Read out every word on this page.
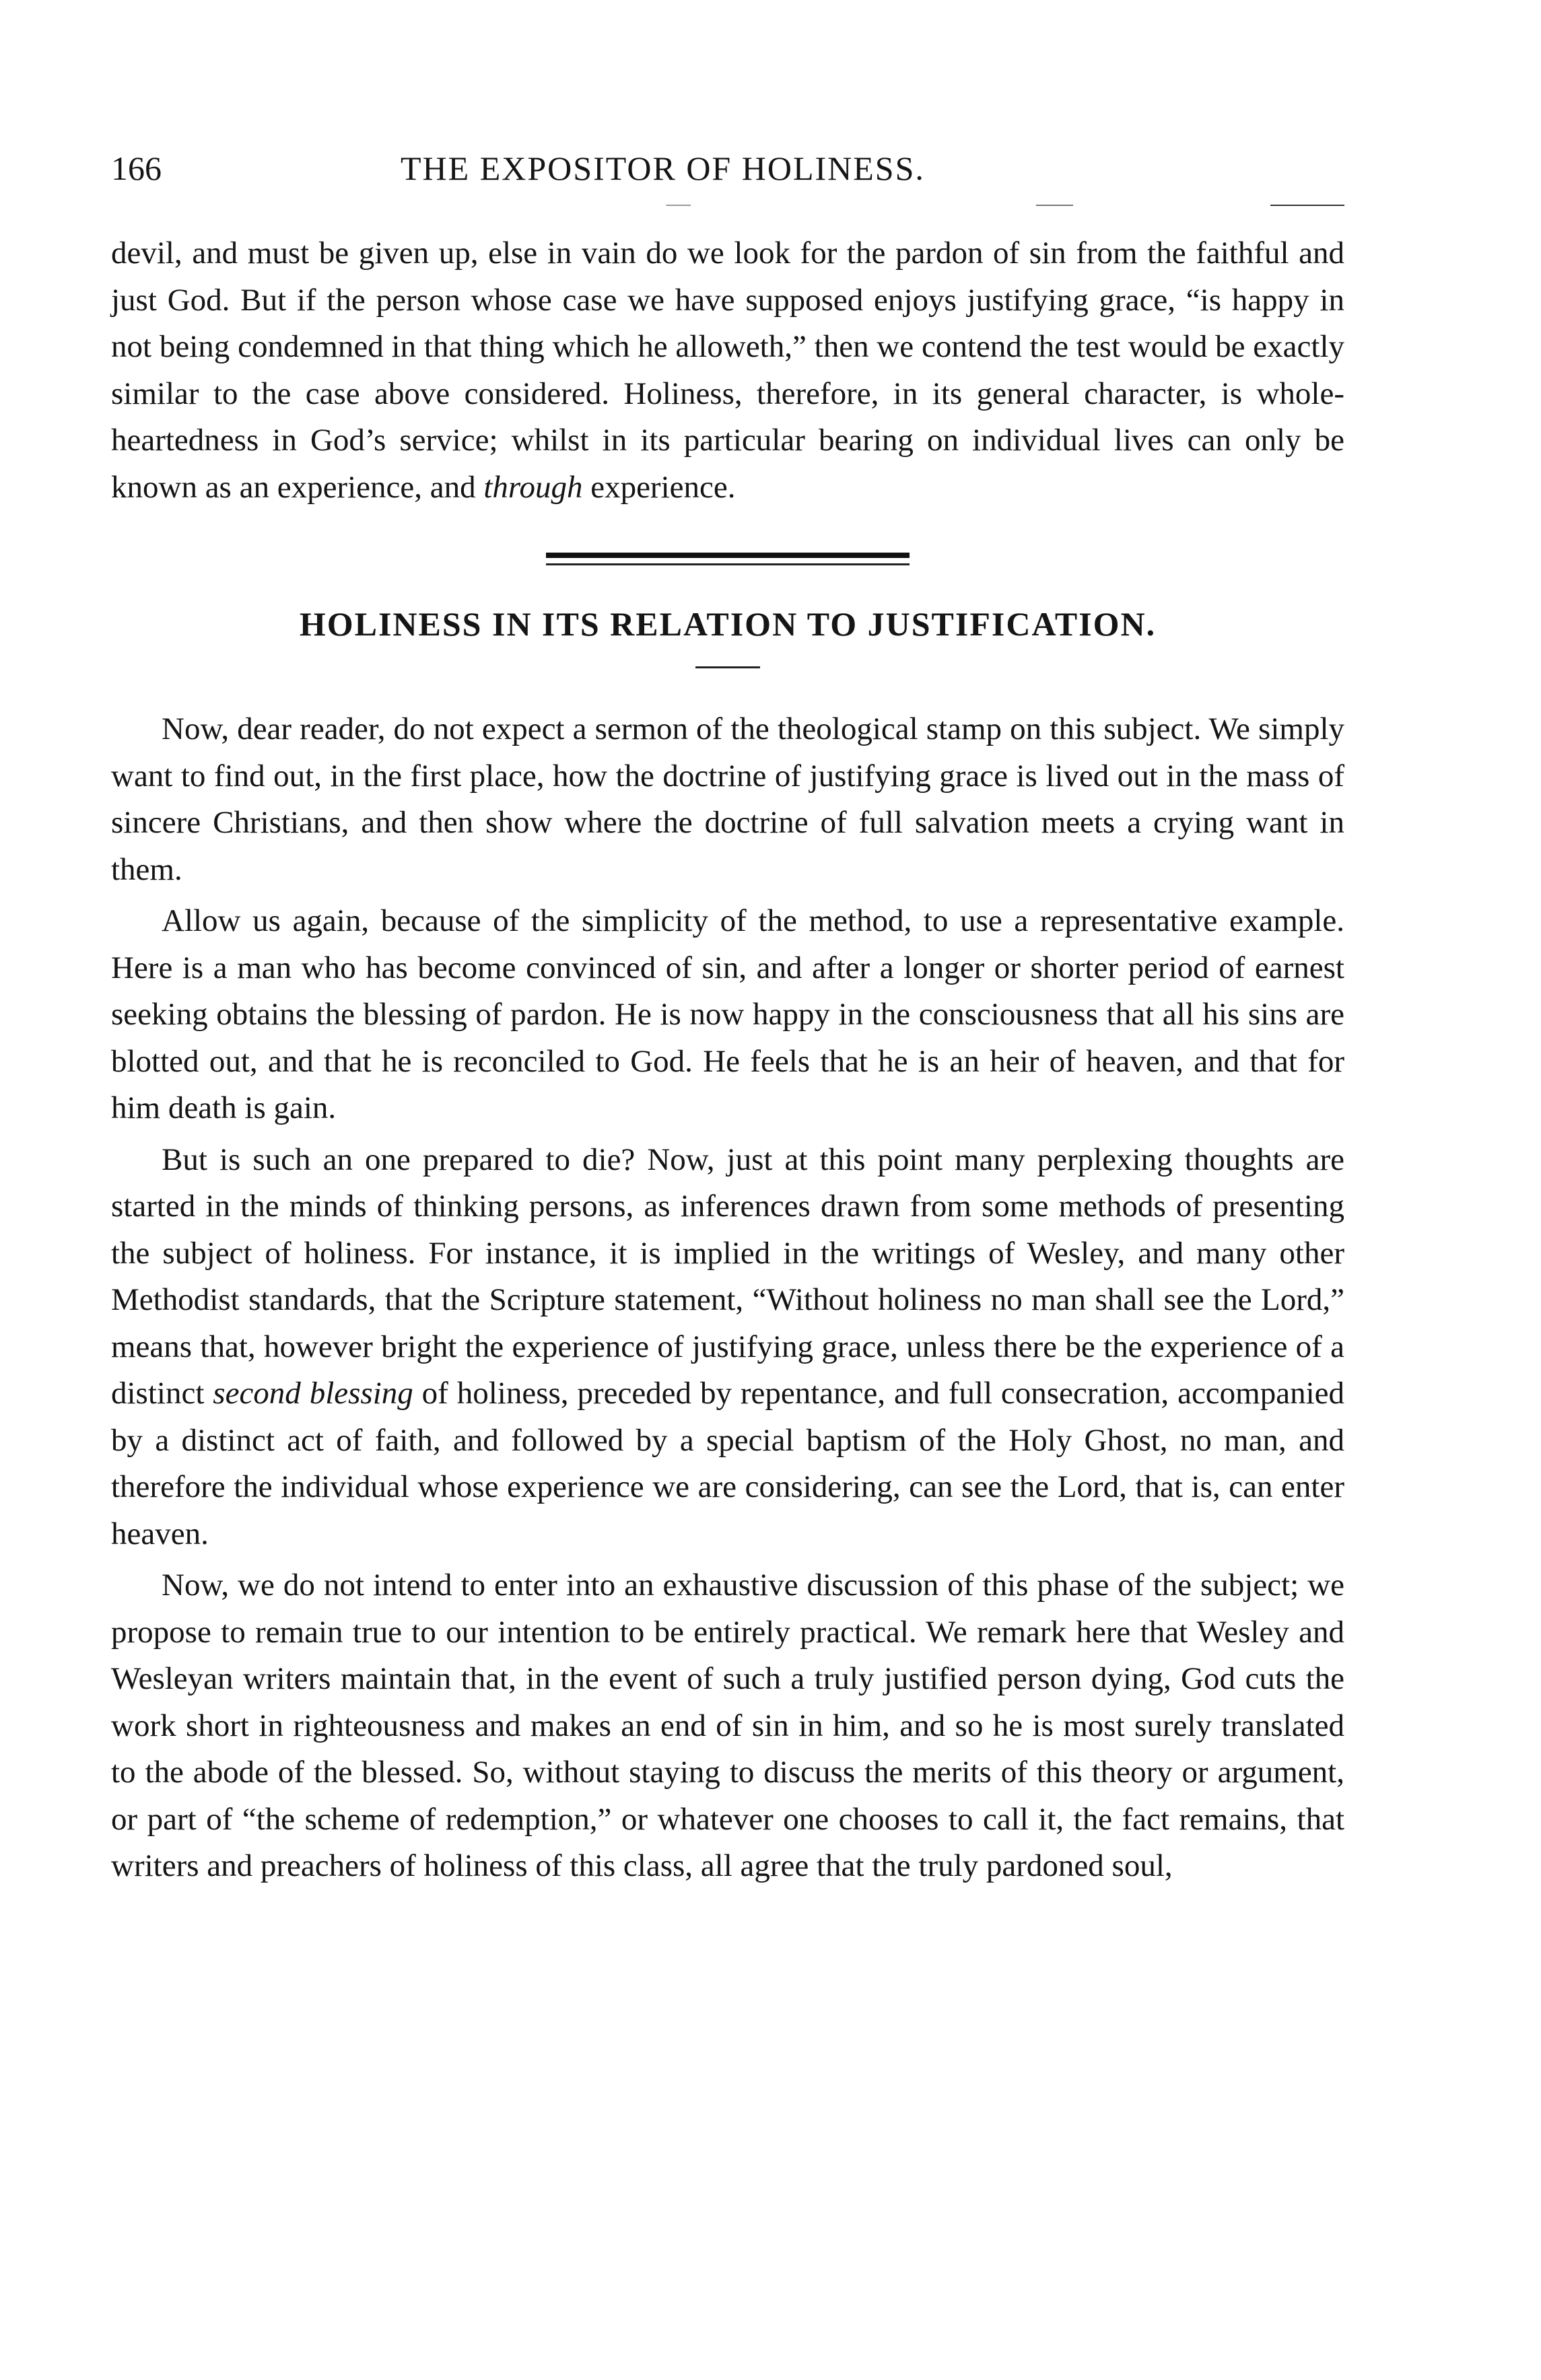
166	THE EXPOSITOR OF HOLINESS.

devil, and must be given up, else in vain do we look for the pardon of sin from the faithful and just God. But if the person whose case we have supposed enjoys justifying grace, “is happy in not being condemned in that thing which he alloweth,” then we contend the test would be exactly similar to the case above considered. Holiness, therefore, in its general character, is whole-heartedness in God’s service; whilst in its particular bearing on individual lives can only be known as an experience, and through experience.

HOLINESS IN ITS RELATION TO JUSTIFICATION.

Now, dear reader, do not expect a sermon of the theological stamp on this subject. We simply want to find out, in the first place, how the doctrine of justifying grace is lived out in the mass of sincere Christians, and then show where the doctrine of full salvation meets a crying want in them.

Allow us again, because of the simplicity of the method, to use a representative example. Here is a man who has become convinced of sin, and after a longer or shorter period of earnest seeking obtains the blessing of pardon. He is now happy in the consciousness that all his sins are blotted out, and that he is reconciled to God. He feels that he is an heir of heaven, and that for him death is gain.

But is such an one prepared to die? Now, just at this point many perplexing thoughts are started in the minds of thinking persons, as inferences drawn from some methods of presenting the subject of holiness. For instance, it is implied in the writings of Wesley, and many other Methodist standards, that the Scripture statement, “Without holiness no man shall see the Lord,” means that, however bright the experience of justifying grace, unless there be the experience of a distinct second blessing of holiness, preceded by repentance, and full consecration, accompanied by a distinct act of faith, and followed by a special baptism of the Holy Ghost, no man, and therefore the individual whose experience we are considering, can see the Lord, that is, can enter heaven.

Now, we do not intend to enter into an exhaustive discussion of this phase of the subject; we propose to remain true to our intention to be entirely practical. We remark here that Wesley and Wesleyan writers maintain that, in the event of such a truly justified person dying, God cuts the work short in righteousness and makes an end of sin in him, and so he is most surely translated to the abode of the blessed. So, without staying to discuss the merits of this theory or argument, or part of “the scheme of redemption,” or whatever one chooses to call it, the fact remains, that writers and preachers of holiness of this class, all agree that the truly pardoned soul,
